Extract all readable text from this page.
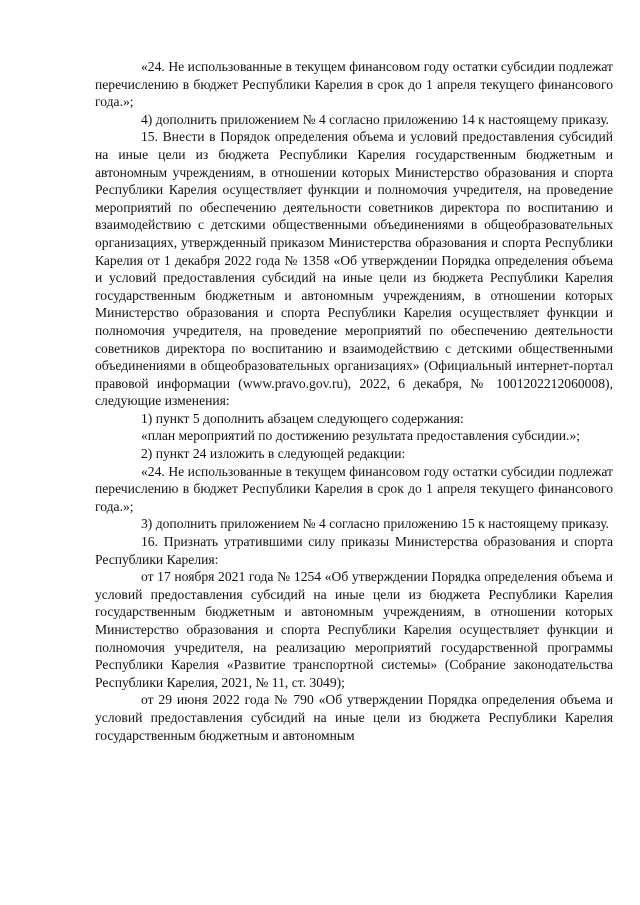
«24. Не использованные в текущем финансовом году остатки субсидии подлежат перечислению в бюджет Республики Карелия в срок до 1 апреля текущего финансового года.»;

4) дополнить приложением № 4 согласно приложению 14 к настоящему приказу.

15. Внести в Порядок определения объема и условий предоставления субсидий на иные цели из бюджета Республики Карелия государственным бюджетным и автономным учреждениям, в отношении которых Министерство образования и спорта Республики Карелия осуществляет функции и полномочия учредителя, на проведение мероприятий по обеспечению деятельности советников директора по воспитанию и взаимодействию с детскими общественными объединениями в общеобразовательных организациях, утвержденный приказом Министерства образования и спорта Республики Карелия от 1 декабря 2022 года № 1358 «Об утверждении Порядка определения объема и условий предоставления субсидий на иные цели из бюджета Республики Карелия государственным бюджетным и автономным учреждениям, в отношении которых Министерство образования и спорта Республики Карелия осуществляет функции и полномочия учредителя, на проведение мероприятий по обеспечению деятельности советников директора по воспитанию и взаимодействию с детскими общественными объединениями в общеобразовательных организациях» (Официальный интернет-портал правовой информации (www.pravo.gov.ru), 2022, 6 декабря, № 1001202212060008), следующие изменения:

1) пункт 5 дополнить абзацем следующего содержания:

«план мероприятий по достижению результата предоставления субсидии.»;

2) пункт 24 изложить в следующей редакции:

«24. Не использованные в текущем финансовом году остатки субсидии подлежат перечислению в бюджет Республики Карелия в срок до 1 апреля текущего финансового года.»;

3) дополнить приложением № 4 согласно приложению 15 к настоящему приказу.

16. Признать утратившими силу приказы Министерства образования и спорта Республики Карелия:

от 17 ноября 2021 года № 1254 «Об утверждении Порядка определения объема и условий предоставления субсидий на иные цели из бюджета Республики Карелия государственным бюджетным и автономным учреждениям, в отношении которых Министерство образования и спорта Республики Карелия осуществляет функции и полномочия учредителя, на реализацию мероприятий государственной программы Республики Карелия «Развитие транспортной системы» (Собрание законодательства Республики Карелия, 2021, № 11, ст. 3049);

от 29 июня 2022 года № 790 «Об утверждении Порядка определения объема и условий предоставления субсидий на иные цели из бюджета Республики Карелия государственным бюджетным и автономным
